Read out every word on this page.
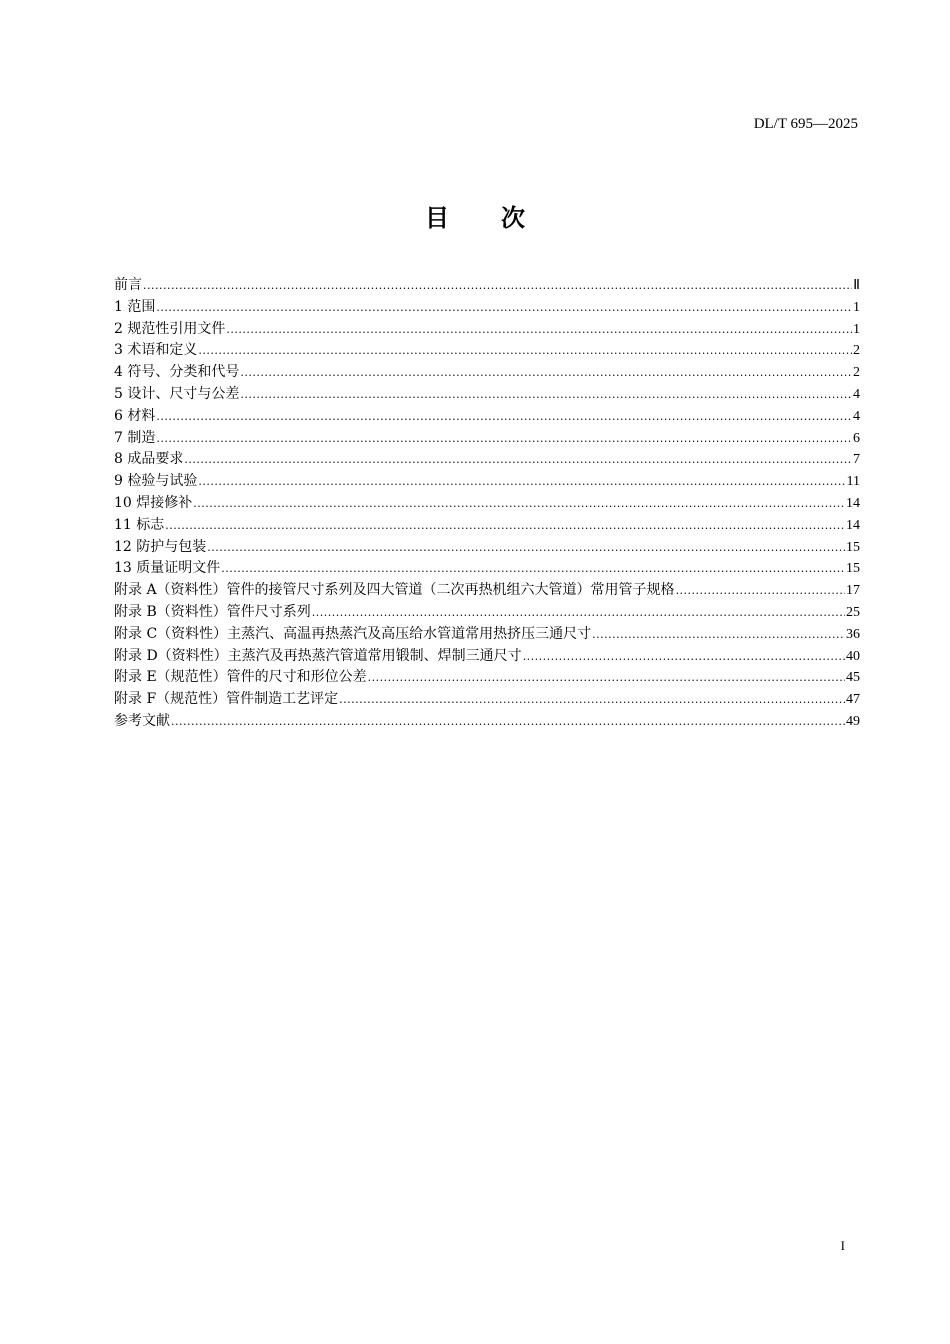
DL/T 695—2025
目 次
前言 .....	Ⅱ
1 范围 .....	1
2 规范性引用文件 .....	1
3 术语和定义 .....	2
4 符号、分类和代号 .....	2
5 设计、尺寸与公差 .....	4
6 材料 .....	4
7 制造 .....	6
8 成品要求 .....	7
9 检验与试验 .....	11
10 焊接修补 .....	14
11 标志 .....	14
12 防护与包装 .....	15
13 质量证明文件 .....	15
附录 A（资料性）管件的接管尺寸系列及四大管道（二次再热机组六大管道）常用管子规格 .....	17
附录 B（资料性）管件尺寸系列 .....	25
附录 C（资料性）主蒸汽、高温再热蒸汽及高压给水管道常用热挤压三通尺寸 .....	36
附录 D（资料性）主蒸汽及再热蒸汽管道常用锻制、焊制三通尺寸 .....	40
附录 E（规范性）管件的尺寸和形位公差 .....	45
附录 F（规范性）管件制造工艺评定 .....	47
参考文献 .....	49
I
